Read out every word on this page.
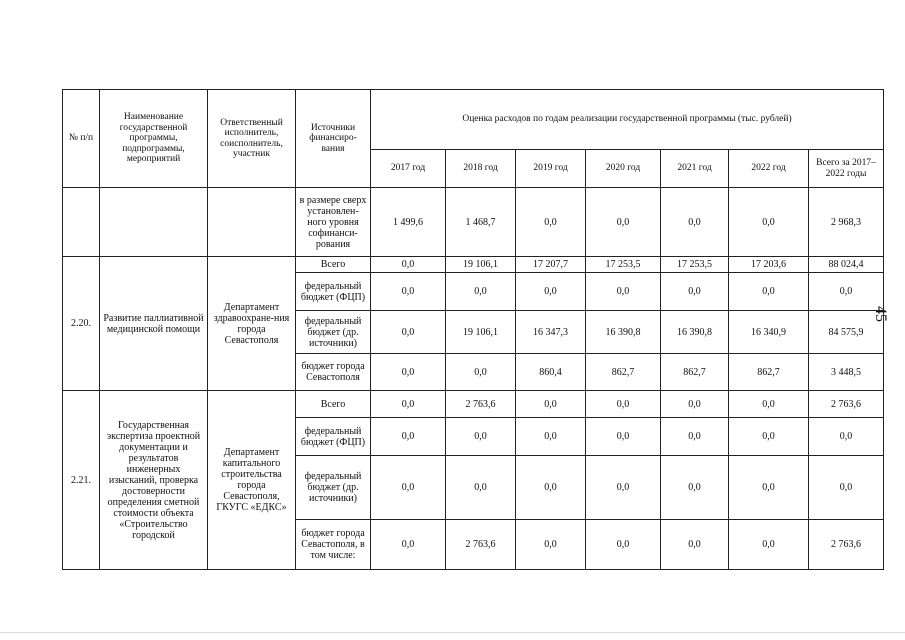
45
№ п/п	Наименование государственной программы, подпрограммы, мероприятий	Ответственный исполнитель, соисполнитель, участник	Источники финансиро-вания	Оценка расходов по годам реализации государственной программы (тыс. рублей)						
				2017 год	2018 год	2019 год	2020 год	2021 год	2022 год	Всего за 2017–2022 годы
			в размере сверх установлен-ного уровня софинанси-рования	1 499,6	1 468,7	0,0	0,0	0,0	0,0	2 968,3
2.20.	Развитие паллиативной медицинской помощи	Департамент здравоохране-ния города Севастополя	Всего	0,0	19 106,1	17 207,7	17 253,5	17 253,5	17 203,6	88 024,4
			федеральный бюджет (ФЦП)	0,0	0,0	0,0	0,0	0,0	0,0	0,0
			федеральный бюджет (др. источники)	0,0	19 106,1	16 347,3	16 390,8	16 390,8	16 340,9	84 575,9
			бюджет города Севастополя	0,0	0,0	860,4	862,7	862,7	862,7	3 448,5
2.21.	Государственная экспертиза проектной документации и результатов инженерных изысканий, проверка достоверности определения сметной стоимости объекта «Строительство городской	Департамент капитального строительства города Севастополя, ГКУГС «ЕДКС»	Всего	0,0	2 763,6	0,0	0,0	0,0	0,0	2 763,6
			федеральный бюджет (ФЦП)	0,0	0,0	0,0	0,0	0,0	0,0	0,0
			федеральный бюджет (др. источники)	0,0	0,0	0,0	0,0	0,0	0,0	0,0
			бюджет города Севастополя, в том числе:	0,0	2 763,6	0,0	0,0	0,0	0,0	2 763,6
